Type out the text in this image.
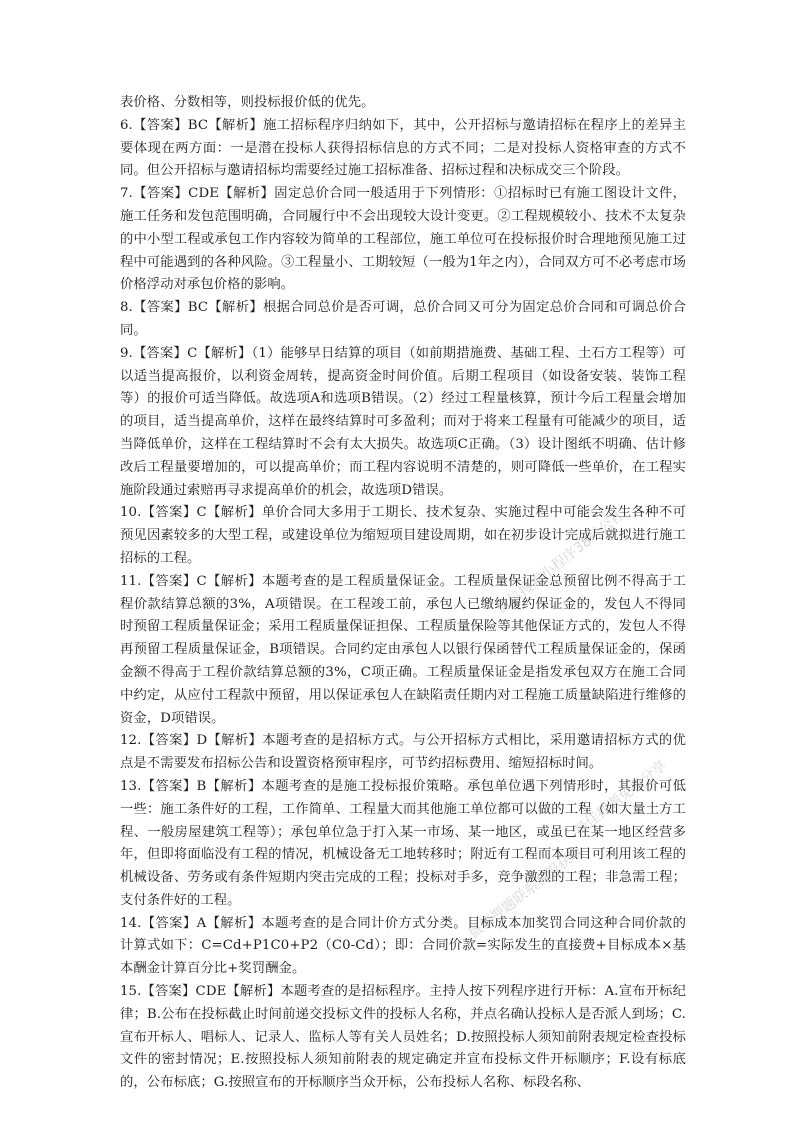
表价格、分数相等，则投标报价低的优先。

6.【答案】BC【解析】施工招标程序归纳如下，其中，公开招标与邀请招标在程序上的差异主要体现在两方面：一是潜在投标人获得招标信息的方式不同；二是对投标人资格审查的方式不同。但公开招标与邀请招标均需要经过施工招标准备、招标过程和决标成交三个阶段。

7.【答案】CDE【解析】固定总价合同一般适用于下列情形：①招标时已有施工图设计文件，施工任务和发包范围明确，合同履行中不会出现较大设计变更。②工程规模较小、技术不太复杂的中小型工程或承包工作内容较为简单的工程部位，施工单位可在投标报价时合理地预见施工过程中可能遇到的各种风险。③工程量小、工期较短（一般为1年之内），合同双方可不必考虑市场价格浮动对承包价格的影响。

8.【答案】BC【解析】根据合同总价是否可调，总价合同又可分为固定总价合同和可调总价合同。

9.【答案】C【解析】（1）能够早日结算的项目（如前期措施费、基础工程、土石方工程等）可以适当提高报价，以利资金周转，提高资金时间价值。后期工程项目（如设备安装、装饰工程等）的报价可适当降低。故选项A和选项B错误。（2）经过工程量核算，预计今后工程量会增加的项目，适当提高单价，这样在最终结算时可多盈利；而对于将来工程量有可能减少的项目，适当降低单价，这样在工程结算时不会有太大损失。故选项C正确。（3）设计图纸不明确、估计修改后工程量要增加的，可以提高单价；而工程内容说明不清楚的，则可降低一些单价，在工程实施阶段通过索赔再寻求提高单价的机会，故选项D错误。

10.【答案】C【解析】单价合同大多用于工期长、技术复杂、实施过程中可能会发生各种不可预见因素较多的大型工程，或建设单位为缩短项目建设周期，如在初步设计完成后就拟进行施工招标的工程。

11.【答案】C【解析】本题考查的是工程质量保证金。工程质量保证金总预留比例不得高于工程价款结算总额的3%，A项错误。在工程竣工前，承包人已缴纳履约保证金的，发包人不得同时预留工程质量保证金；采用工程质量保证担保、工程质量保险等其他保证方式的，发包人不得再预留工程质量保证金，B项错误。合同约定由承包人以银行保函替代工程质量保证金的，保函金额不得高于工程价款结算总额的3%，C项正确。工程质量保证金是指发承包双方在施工合同中约定，从应付工程款中预留，用以保证承包人在缺陷责任期内对工程施工质量缺陷进行维修的资金，D项错误。

12.【答案】D【解析】本题考查的是招标方式。与公开招标方式相比，采用邀请招标方式的优点是不需要发布招标公告和设置资格预审程序，可节约招标费用、缩短招标时间。

13.【答案】B【解析】本题考查的是施工投标报价策略。承包单位遇下列情形时，其报价可低一些：施工条件好的工程，工作简单、工程量大而其他施工单位都可以做的工程（如大量土方工程、一般房屋建筑工程等）；承包单位急于打入某一市场、某一地区，或虽已在某一地区经营多年，但即将面临没有工程的情况，机械设备无工地转移时；附近有工程而本项目可利用该工程的机械设备、劳务或有条件短期内突击完成的工程；投标对手多，竞争激烈的工程；非急需工程；支付条件好的工程。

14.【答案】A【解析】本题考查的是合同计价方式分类。目标成本加奖罚合同这种合同价款的计算式如下：C=Cd+P1C0+P2（C0-Cd）；即：合同价款=实际发生的直接费+目标成本×基本酬金计算百分比+奖罚酬金。

15.【答案】CDE【解析】本题考查的是招标程序。主持人按下列程序进行开标：A.宣布开标纪律；B.公布在投标截止时间前递交投标文件的投标人名称，并点名确认投标人是否派人到场；C.宣布开标人、唱标人、记录人、监标人等有关人员姓名；D.按照投标人须知前附表规定检查投标文件的密封情况；E.按照投标人须知前附表的规定确定并宣布投标文件开标顺序；F.设有标底的，公布标底；G.按照宣布的开标顺序当众开标，公布投标人名称、标段名称、

微信搜索小程序38号公社
最佳押题免费分享
微信押题联系客服获取
